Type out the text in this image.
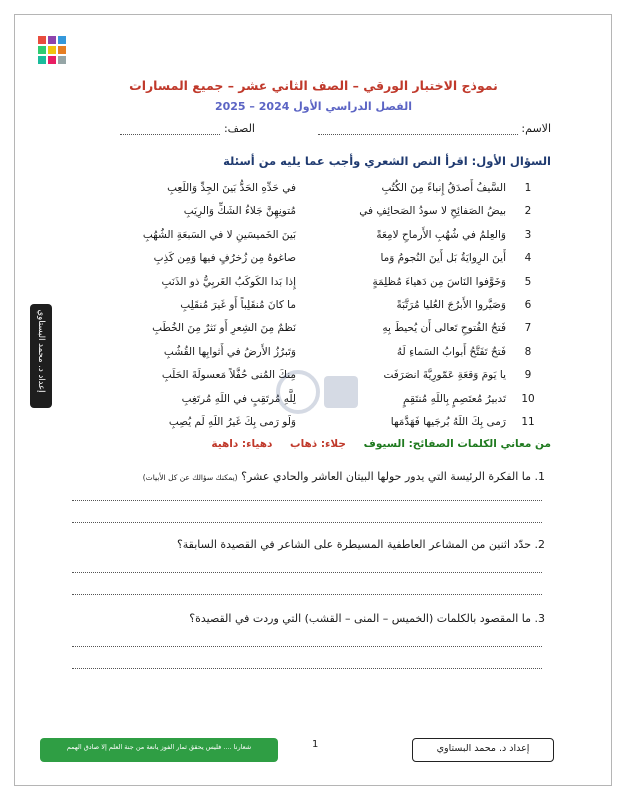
نموذج الاختبار الورقي – الصف الثاني عشر – جميع المسارات
الفصل الدراسي الأول 2024 – 2025
الاسم:
الصف:
السؤال الأول: اقرأ النص الشعري وأجب عما يليه من أسئلة
1
السَّيفُ أَصدَقُ إِنباءً مِنَ الكُتُبِ
في حَدِّهِ الحَدُّ بَينَ الجِدِّ وَاللَعِبِ
2
بيضُ الصَفائِحِ لا سودُ الصَحائِفِ في
مُتونِهِنَّ جَلاءُ الشَكِّ وَالرِيَبِ
3
وَالعِلمُ في شُهُبِ الأَرماحِ لامِعَةً
بَينَ الخَميسَينِ لا في السَبعَةِ الشُهُبِ
4
أَينَ الرِوايَةُ بَل أَينَ النُجومُ وَما
صاغوهُ مِن زُخرُفٍ فيها وَمِن كَذِبِ
5
وَخَوَّفوا النَاسَ مِن دَهياءَ مُظلِمَةٍ
إِذا بَدا الكَوكَبُ الغَربِيُّ ذو الذَنَبِ
6
وَصَيَّروا الأَبرُجَ العُليا مُرَتَّبَةً
ما كانَ مُنقَلِباً أَو غَيرَ مُنقَلِبِ
7
فَتحُ الفُتوحِ تَعالى أَن يُحيطَ بِهِ
نَظمٌ مِنَ الشِعرِ أَو نَثرٌ مِنَ الخُطَبِ
8
فَتحٌ تَفَتَّحُ أَبوابُ السَماءِ لَهُ
وَتَبرُزُ الأَرضُ في أَثوابِها القُشُبِ
9
يا يَومَ وَقعَةِ عَمّورِيَّةَ انصَرَفَت
مِنكَ المُنى حُفَّلاً مَعسولَةَ الحَلَبِ
10
تَدبيرُ مُعتَصِمٍ بِاللَهِ مُنتَقِمٍ
لِلَّهِ مُرتَقِبٍ في اللَهِ مُرتَغِبِ
11
رَمى بِكَ اللَهُ بُرجَيها فَهَدَّمَها
وَلَو رَمى بِكَ غَيرُ اللَهِ لَم يُصِبِ
إعداد د. محمد البستاوي
من معاني الكلمات الصفائح: السيوف جلاء: ذهاب دهياء: داهية
1. ما الفكرة الرئيسة التي يدور حولها البيتان العاشر والحادي عشر؟ (يمكنك سؤالك عن كل الأبيات)
2. حدّد اثنين من المشاعر العاطفية المسيطرة على الشاعر في القصيدة السابقة؟
3. ما المقصود بالكلمات (الخميس – المنى – القشب) التي وردت في القصيدة؟
شعارنا .... فليس يحقق ثمار الفوز يانعة من جنة العلم إلا صادق الهمم	1	إعداد د. محمد البستاوي
